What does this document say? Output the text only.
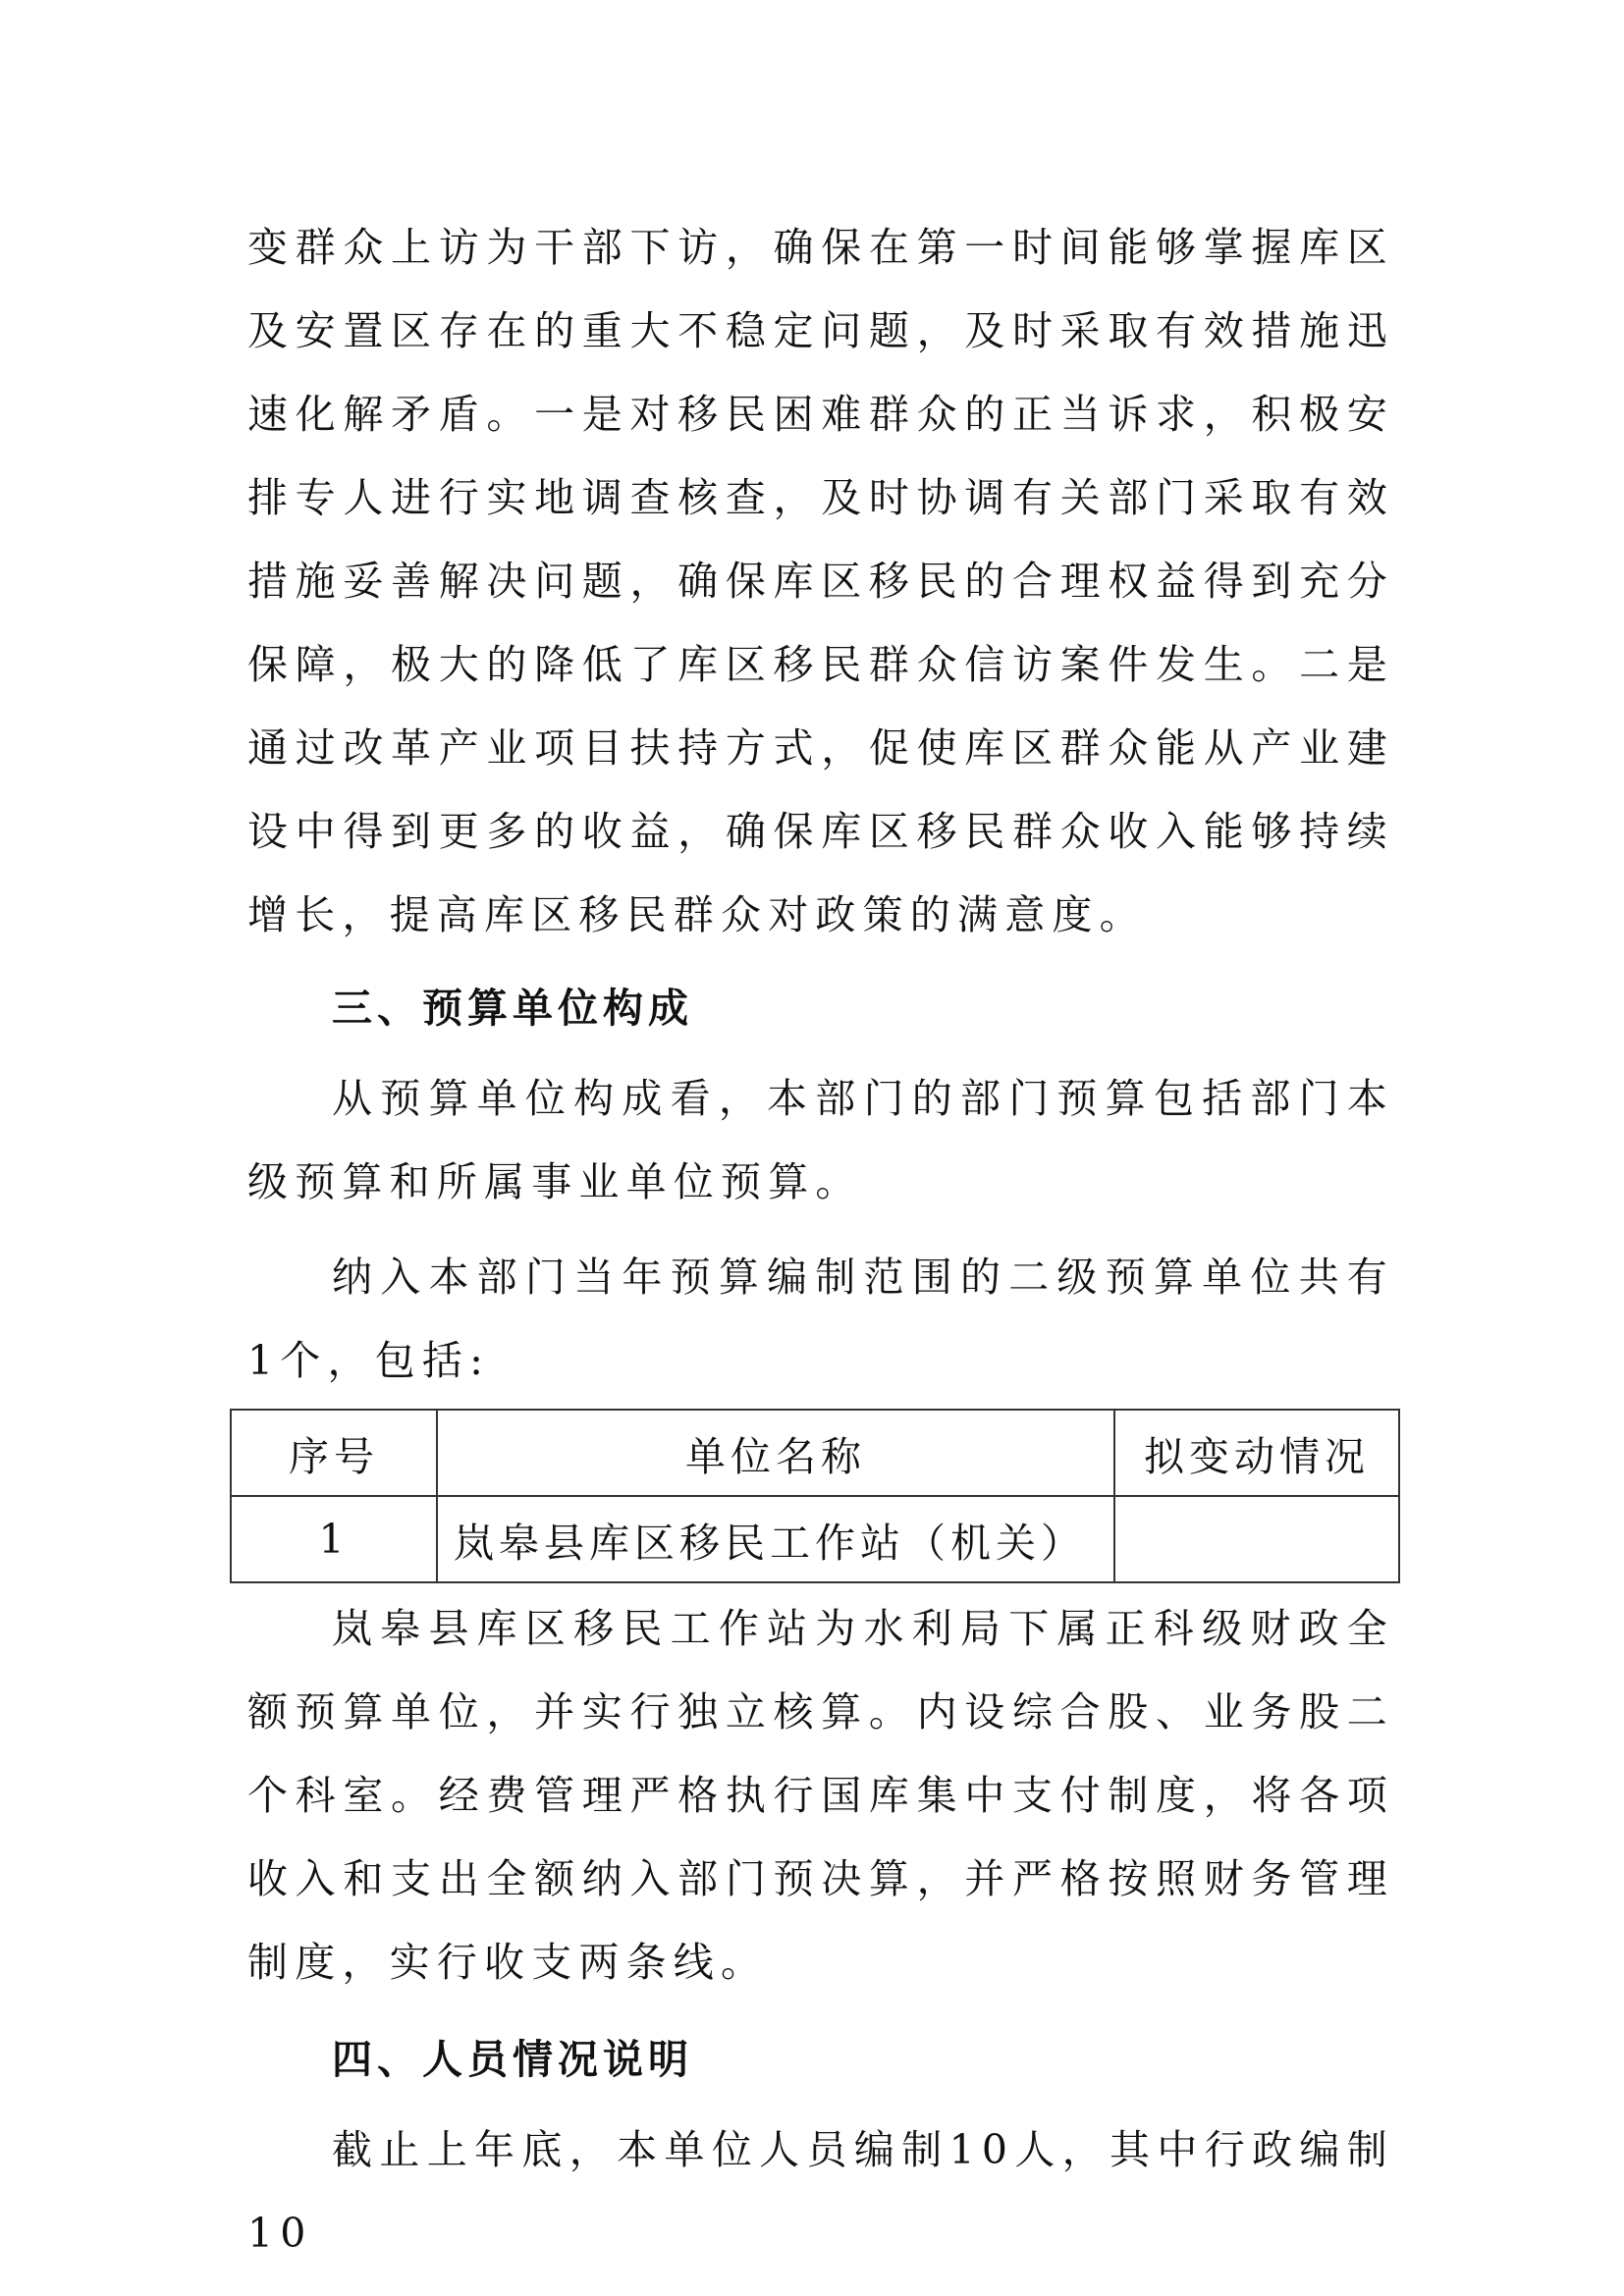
变群众上访为干部下访，确保在第一时间能够掌握库区及安置区存在的重大不稳定问题，及时采取有效措施迅速化解矛盾。一是对移民困难群众的正当诉求，积极安排专人进行实地调查核查，及时协调有关部门采取有效措施妥善解决问题，确保库区移民的合理权益得到充分保障，极大的降低了库区移民群众信访案件发生。二是通过改革产业项目扶持方式，促使库区群众能从产业建设中得到更多的收益，确保库区移民群众收入能够持续增长，提高库区移民群众对政策的满意度。

三、预算单位构成

从预算单位构成看，本部门的部门预算包括部门本级预算和所属事业单位预算。

纳入本部门当年预算编制范围的二级预算单位共有1个，包括:

序号	单位名称	拟变动情况
1	岚皋县库区移民工作站（机关）	

岚皋县库区移民工作站为水利局下属正科级财政全额预算单位，并实行独立核算。内设综合股、业务股二个科室。经费管理严格执行国库集中支付制度，将各项收入和支出全额纳入部门预决算，并严格按照财务管理制度，实行收支两条线。

四、人员情况说明

截止上年底，本单位人员编制10人，其中行政编制10
